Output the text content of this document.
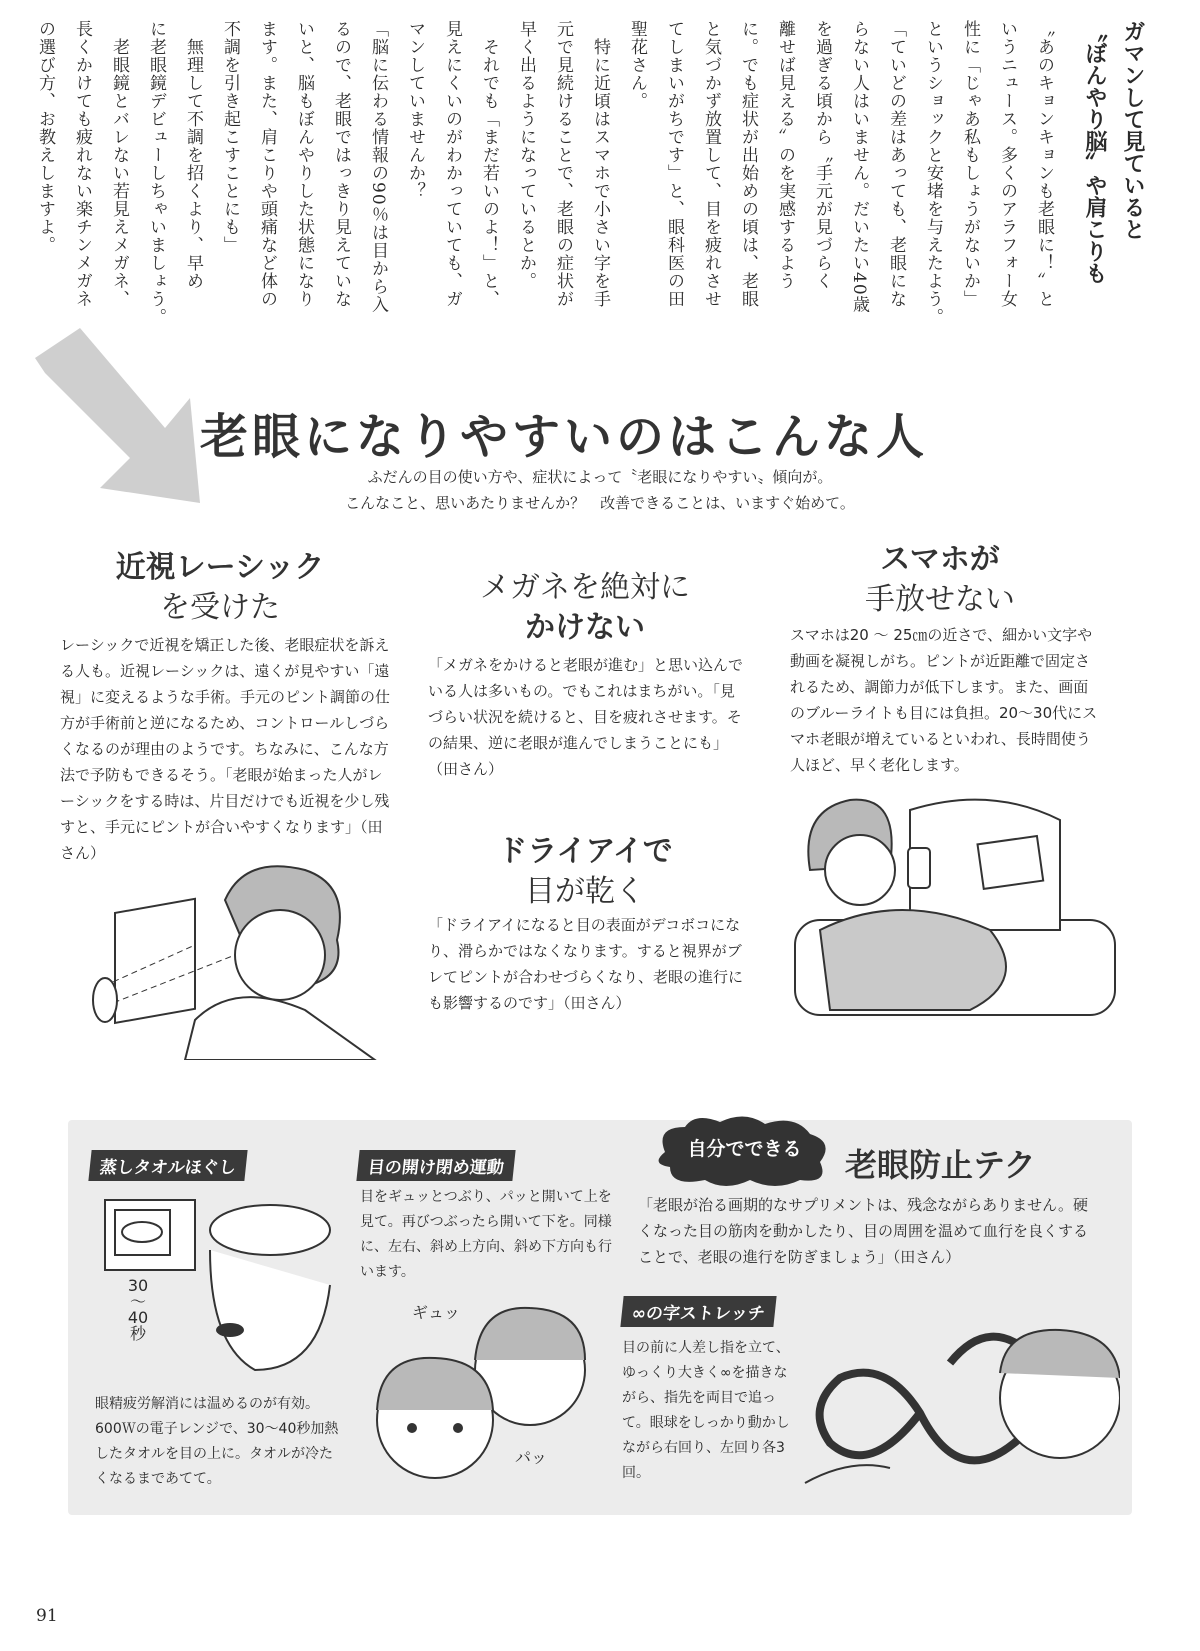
ガマンして見ていると
〝ぼんやり脳〟や肩こりも
〝あのキョンキョンも老眼に！〟と
いうニュース。多くのアラフォー女
性に「じゃあ私もしょうがないか」
というショックと安堵を与えたよう。
「ていどの差はあっても、老眼にな
らない人はいません。だいたい40歳
を過ぎる頃から〝手元が見づらく
離せば見える〟のを実感するよう
に。でも症状が出始めの頃は、老眼
と気づかず放置して、目を疲れさせ
てしまいがちです」と、眼科医の田
聖花さん。
　特に近頃はスマホで小さい字を手
元で見続けることで、老眼の症状が
早く出るようになっているとか。
　それでも「まだ若いのよ！」と、
見えにくいのがわかっていても、ガ
マンしていませんか？
「脳に伝わる情報の90％は目から入
るので、老眼ではっきり見えていな
いと、脳もぼんやりした状態になり
ます。また、肩こりや頭痛など体の
不調を引き起こすことにも」
　無理して不調を招くより、早め
に老眼鏡デビューしちゃいましょう。
　老眼鏡とバレない若見えメガネ、
長くかけても疲れない楽チンメガネ
の選び方、お教えしますよ。
老眼になりやすいのはこんな人
ふだんの目の使い方や、症状によって〝老眼になりやすい〟傾向が。
こんなこと、思いあたりませんか？　改善できることは、いますぐ始めて。
近視レーシック
を受けた
レーシックで近視を矯正した後、老眼症状を訴える人も。近視レーシックは、遠くが見やすい「遠視」に変えるような手術。手元のピント調節の仕方が手術前と逆になるため、コントロールしづらくなるのが理由のようです。ちなみに、こんな方法で予防もできるそう。「老眼が始まった人がレーシックをする時は、片目だけでも近視を少し残すと、手元にピントが合いやすくなります」（田さん）
メガネを絶対に
かけない
「メガネをかけると老眼が進む」と思い込んでいる人は多いもの。でもこれはまちがい。「見づらい状況を続けると、目を疲れさせます。その結果、逆に老眼が進んでしまうことにも」（田さん）
スマホが
手放せない
スマホは20 ～ 25㎝の近さで、細かい文字や動画を凝視しがち。ピントが近距離で固定されるため、調節力が低下します。また、画面のブルーライトも目には負担。20～30代にスマホ老眼が増えているといわれ、長時間使う人ほど、早く老化します。
ドライアイで
目が乾く
「ドライアイになると目の表面がデコボコになり、滑らかではなくなります。すると視界がブレてピントが合わせづらくなり、老眼の進行にも影響するのです」（田さん）
蒸しタオルほぐし
30
～
40
秒
眼精疲労解消には温めるのが有効。600Ｗの電子レンジで、30～40秒加熱したタオルを目の上に。タオルが冷たくなるまであてて。
目の開け閉め運動
目をギュッとつぶり、パッと開いて上を見て。再びつぶったら開いて下を。同様に、左右、斜め上方向、斜め下方向も行います。
ギュッ
パッ
自分でできる	老眼防止テク
「老眼が治る画期的なサプリメントは、残念ながらありません。硬くなった目の筋肉を動かしたり、目の周囲を温めて血行を良くすることで、老眼の進行を防ぎましょう」（田さん）
∞の字ストレッチ
目の前に人差し指を立て、ゆっくり大きく∞を描きながら、指先を両目で追って。眼球をしっかり動かしながら右回り、左回り各3回。
91
